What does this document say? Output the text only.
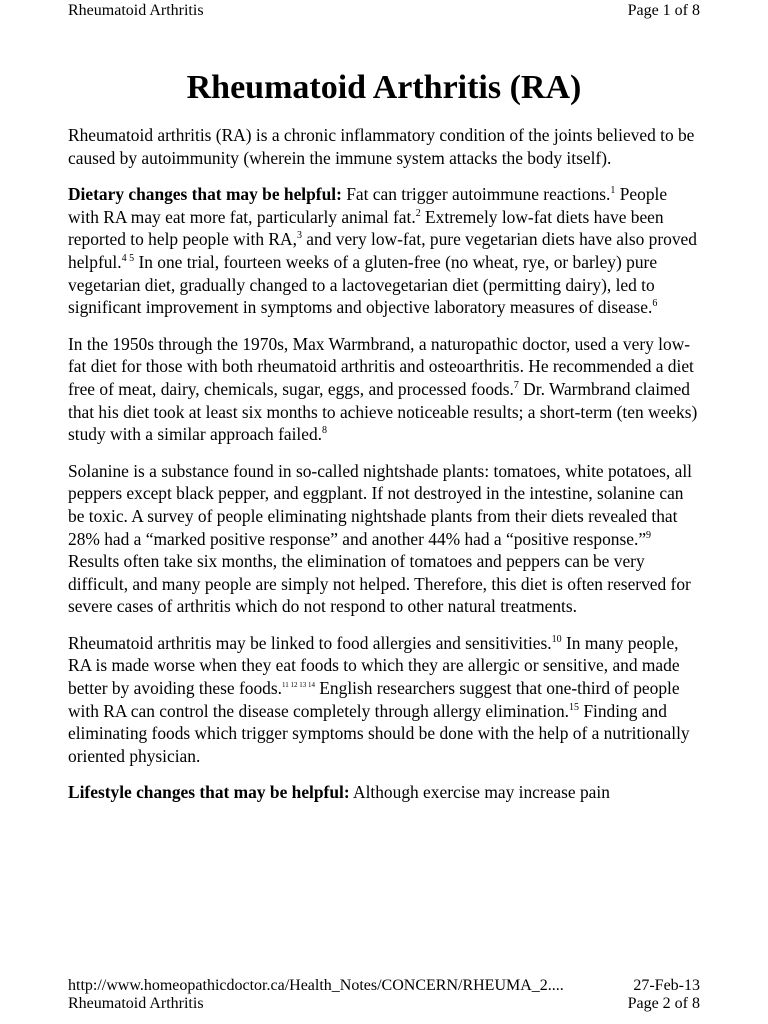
Rheumatoid Arthritis	Page 1 of 8
Rheumatoid Arthritis (RA)

Rheumatoid arthritis (RA) is a chronic inflammatory condition of the joints believed to be caused by autoimmunity (wherein the immune system attacks the body itself).

Dietary changes that may be helpful: Fat can trigger autoimmune reactions.$^1$ People with RA may eat more fat, particularly animal fat.$^2$ Extremely low-fat diets have been reported to help people with RA,$^3$ and very low-fat, pure vegetarian diets have also proved helpful.$^{4 5}$ In one trial, fourteen weeks of a gluten-free (no wheat, rye, or barley) pure vegetarian diet, gradually changed to a lactovegetarian diet (permitting dairy), led to significant improvement in symptoms and objective laboratory measures of disease.$^6$

In the 1950s through the 1970s, Max Warmbrand, a naturopathic doctor, used a very low-fat diet for those with both rheumatoid arthritis and osteoarthritis. He recommended a diet free of meat, dairy, chemicals, sugar, eggs, and processed foods.$^7$ Dr. Warmbrand claimed that his diet took at least six months to achieve noticeable results; a short-term (ten weeks) study with a similar approach failed.$^8$

Solanine is a substance found in so-called nightshade plants: tomatoes, white potatoes, all peppers except black pepper, and eggplant. If not destroyed in the intestine, solanine can be toxic. A survey of people eliminating nightshade plants from their diets revealed that 28% had a “marked positive response” and another 44% had a “positive response.”$^9$ Results often take six months, the elimination of tomatoes and peppers can be very difficult, and many people are simply not helped. Therefore, this diet is often reserved for severe cases of arthritis which do not respond to other natural treatments.

Rheumatoid arthritis may be linked to food allergies and sensitivities.$^{10}$ In many people, RA is made worse when they eat foods to which they are allergic or sensitive, and made better by avoiding these foods.$^{11 12 13 14}$ English researchers suggest that one-third of people with RA can control the disease completely through allergy elimination.$^{15}$ Finding and eliminating foods which trigger symptoms should be done with the help of a nutritionally oriented physician.

Lifestyle changes that may be helpful: Although exercise may increase pain

http://www.homeopathicdoctor.ca/Health_Notes/CONCERN/RHEUMA_2....	27-Feb-13
Rheumatoid Arthritis	Page 2 of 8
